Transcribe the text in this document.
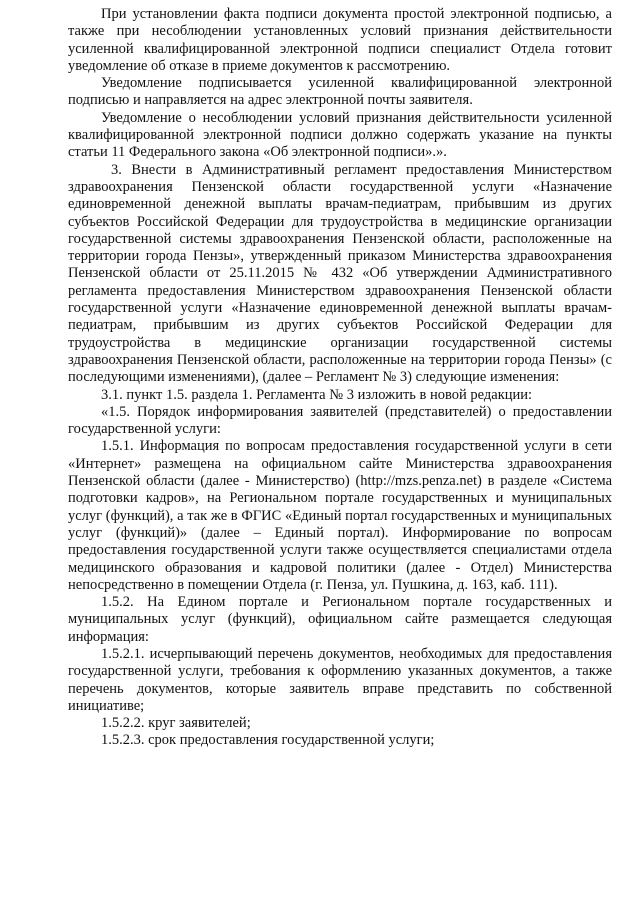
При установлении факта подписи документа простой электронной подписью, а также при несоблюдении установленных условий признания действительности усиленной квалифицированной электронной подписи специалист Отдела готовит уведомление об отказе в приеме документов к рассмотрению.

Уведомление подписывается усиленной квалифицированной электронной подписью и направляется на адрес электронной почты заявителя.

Уведомление о несоблюдении условий признания действительности усиленной квалифицированной электронной подписи должно содержать указание на пункты статьи 11 Федерального закона «Об электронной подписи».».

3. Внести в Административный регламент предоставления Министерством здравоохранения Пензенской области государственной услуги «Назначение единовременной денежной выплаты врачам-педиатрам, прибывшим из других субъектов Российской Федерации для трудоустройства в медицинские организации государственной системы здравоохранения Пензенской области, расположенные на территории города Пензы», утвержденный приказом Министерства здравоохранения Пензенской области от 25.11.2015 № 432 «Об утверждении Административного регламента предоставления Министерством здравоохранения Пензенской области государственной услуги «Назначение единовременной денежной выплаты врачам-педиатрам, прибывшим из других субъектов Российской Федерации для трудоустройства в медицинские организации государственной системы здравоохранения Пензенской области, расположенные на территории города Пензы» (с последующими изменениями), (далее – Регламент № 3) следующие изменения:

3.1. пункт 1.5. раздела 1. Регламента № 3 изложить в новой редакции:

«1.5. Порядок информирования заявителей (представителей) о предоставлении государственной услуги:

1.5.1. Информация по вопросам предоставления государственной услуги в сети «Интернет» размещена на официальном сайте Министерства здравоохранения Пензенской области (далее - Министерство) (http://mzs.penza.net) в разделе «Система подготовки кадров», на Региональном портале государственных и муниципальных услуг (функций), а так же в ФГИС «Единый портал государственных и муниципальных услуг (функций)» (далее – Единый портал). Информирование по вопросам предоставления государственной услуги также осуществляется специалистами отдела медицинского образования и кадровой политики (далее - Отдел) Министерства непосредственно в помещении Отдела (г. Пенза, ул. Пушкина, д. 163, каб. 111).

1.5.2. На Едином портале и Региональном портале государственных и муниципальных услуг (функций), официальном сайте размещается следующая информация:

1.5.2.1. исчерпывающий перечень документов, необходимых для предоставления государственной услуги, требования к оформлению указанных документов, а также перечень документов, которые заявитель вправе представить по собственной инициативе;

1.5.2.2. круг заявителей;

1.5.2.3. срок предоставления государственной услуги;
